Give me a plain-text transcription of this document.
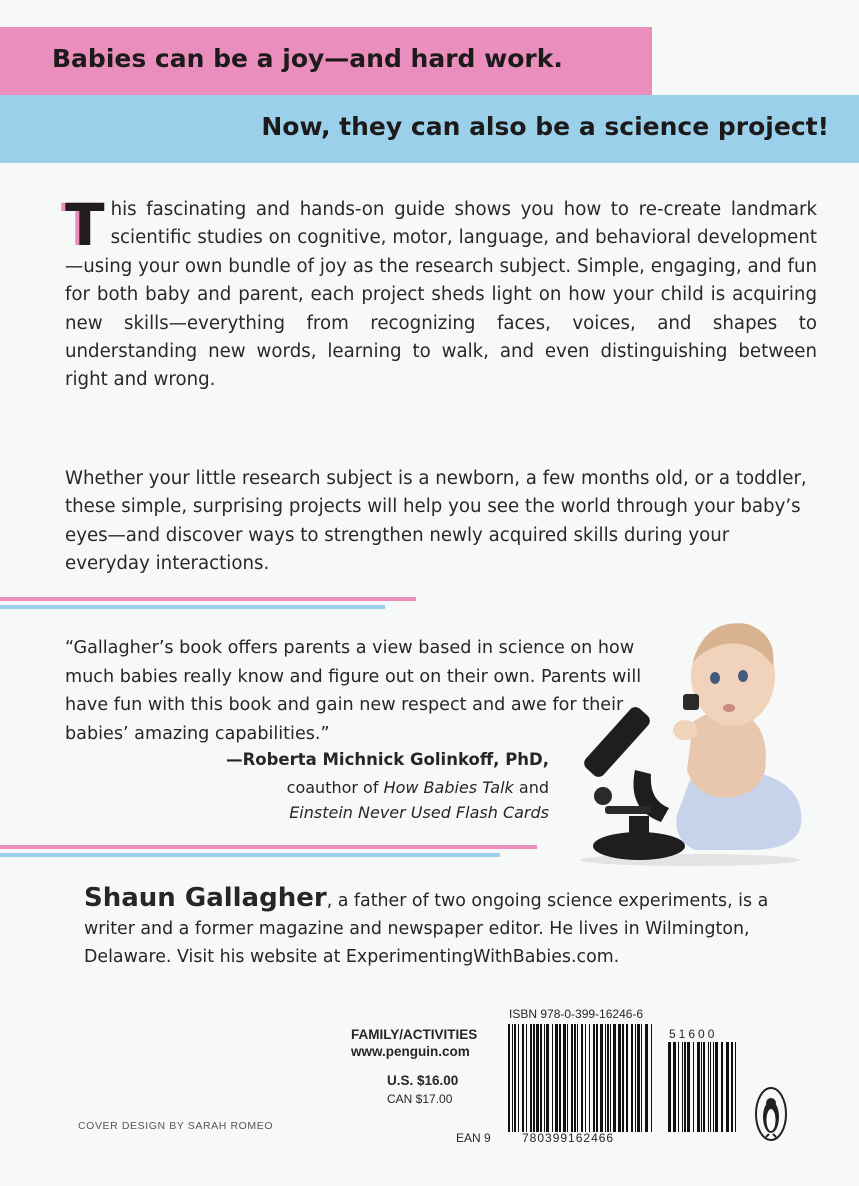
Babies can be a joy—and hard work.
Now, they can also be a science project!
This fascinating and hands-on guide shows you how to re-create landmark scientific studies on cognitive, motor, language, and behavioral development—using your own bundle of joy as the research subject. Simple, engaging, and fun for both baby and parent, each project sheds light on how your child is acquiring new skills—everything from recognizing faces, voices, and shapes to understanding new words, learning to walk, and even distinguishing between right and wrong.
Whether your little research subject is a newborn, a few months old, or a toddler, these simple, surprising projects will help you see the world through your baby’s eyes—and discover ways to strengthen newly acquired skills during your everyday interactions.
“Gallagher’s book offers parents a view based in science on how much babies really know and figure out on their own. Parents will have fun with this book and gain new respect and awe for their babies’ amazing capabilities.”
—Roberta Michnick Golinkoff, PhD,
coauthor of How Babies Talk and
Einstein Never Used Flash Cards
Shaun Gallagher, a father of two ongoing science experiments, is a writer and a former magazine and newspaper editor. He lives in Wilmington, Delaware. Visit his website at ExperimentingWithBabies.com.
FAMILY/ACTIVITIES
www.penguin.com
U.S. $16.00
CAN $17.00
COVER DESIGN BY SARAH ROMEO
ISBN 978-0-399-16246-6
51600
EAN 9	780399162466
